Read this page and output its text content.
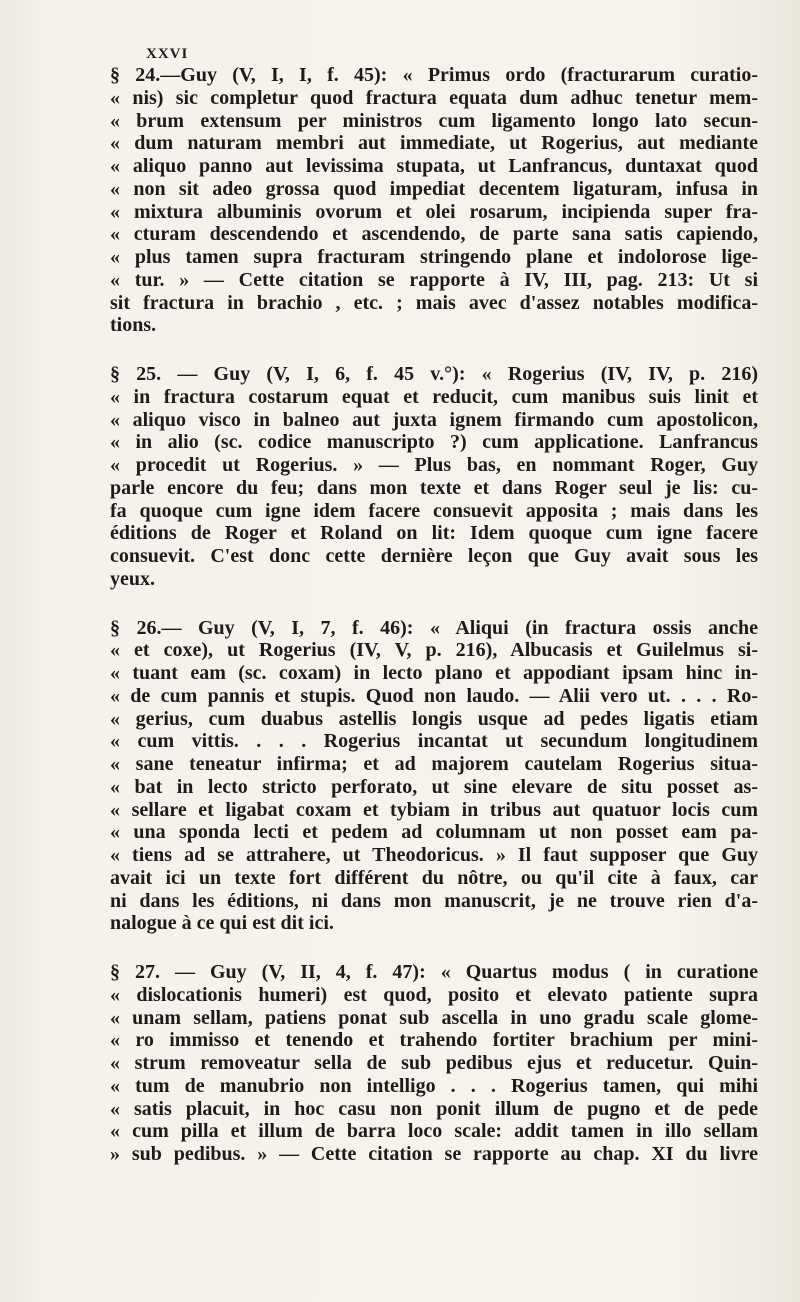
XXVI
§ 24.—Guy (V, I, I, f. 45): « Primus ordo (fracturarum curatio-
« nis) sic completur quod fractura equata dum adhuc tenetur mem-
« brum extensum per ministros cum ligamento longo lato secun-
« dum naturam membri aut immediate, ut Rogerius, aut mediante
« aliquo panno aut levissima stupata, ut Lanfrancus, duntaxat quod
« non sit adeo grossa quod impediat decentem ligaturam, infusa in
« mixtura albuminis ovorum et olei rosarum, incipienda super fra-
« cturam descendendo et ascendendo, de parte sana satis capiendo,
« plus tamen supra fracturam stringendo plane et indolorose lige-
« tur. » — Cette citation se rapporte à IV, III, pag. 213: Ut si
sit fractura in brachio , etc. ; mais avec d'assez notables modifica-
tions.
§ 25. — Guy (V, I, 6, f. 45 v.°): « Rogerius (IV, IV, p. 216)
« in fractura costarum equat et reducit, cum manibus suis linit et
« aliquo visco in balneo aut juxta ignem firmando cum apostolicon,
« in alio (sc. codice manuscripto ?) cum applicatione. Lanfrancus
« procedit ut Rogerius. » — Plus bas, en nommant Roger, Guy
parle encore du feu; dans mon texte et dans Roger seul je lis: cu-
fa quoque cum igne idem facere consuevit apposita ; mais dans les
éditions de Roger et Roland on lit: Idem quoque cum igne facere
consuevit. C'est donc cette dernière leçon que Guy avait sous les
yeux.
§ 26.— Guy (V, I, 7, f. 46): « Aliqui (in fractura ossis anche
« et coxe), ut Rogerius (IV, V, p. 216), Albucasis et Guilelmus si-
« tuant eam (sc. coxam) in lecto plano et appodiant ipsam hinc in-
« de cum pannis et stupis. Quod non laudo. — Alii vero ut. . . . Ro-
« gerius, cum duabus astellis longis usque ad pedes ligatis etiam
« cum vittis. . . . Rogerius incantat ut secundum longitudinem
« sane teneatur infirma; et ad majorem cautelam Rogerius situa-
« bat in lecto stricto perforato, ut sine elevare de situ posset as-
« sellare et ligabat coxam et tybiam in tribus aut quatuor locis cum
« una sponda lecti et pedem ad columnam ut non posset eam pa-
« tiens ad se attrahere, ut Theodoricus. » Il faut supposer que Guy
avait ici un texte fort différent du nôtre, ou qu'il cite à faux, car
ni dans les éditions, ni dans mon manuscrit, je ne trouve rien d'a-
nalogue à ce qui est dit ici.
§ 27. — Guy (V, II, 4, f. 47): « Quartus modus ( in curatione
« dislocationis humeri) est quod, posito et elevato patiente supra
« unam sellam, patiens ponat sub ascella in uno gradu scale glome-
« ro immisso et tenendo et trahendo fortiter brachium per mini-
« strum removeatur sella de sub pedibus ejus et reducetur. Quin-
« tum de manubrio non intelligo . . . Rogerius tamen, qui mihi
« satis placuit, in hoc casu non ponit illum de pugno et de pede
« cum pilla et illum de barra loco scale: addit tamen in illo sellam
» sub pedibus. » — Cette citation se rapporte au chap. XI du livre
